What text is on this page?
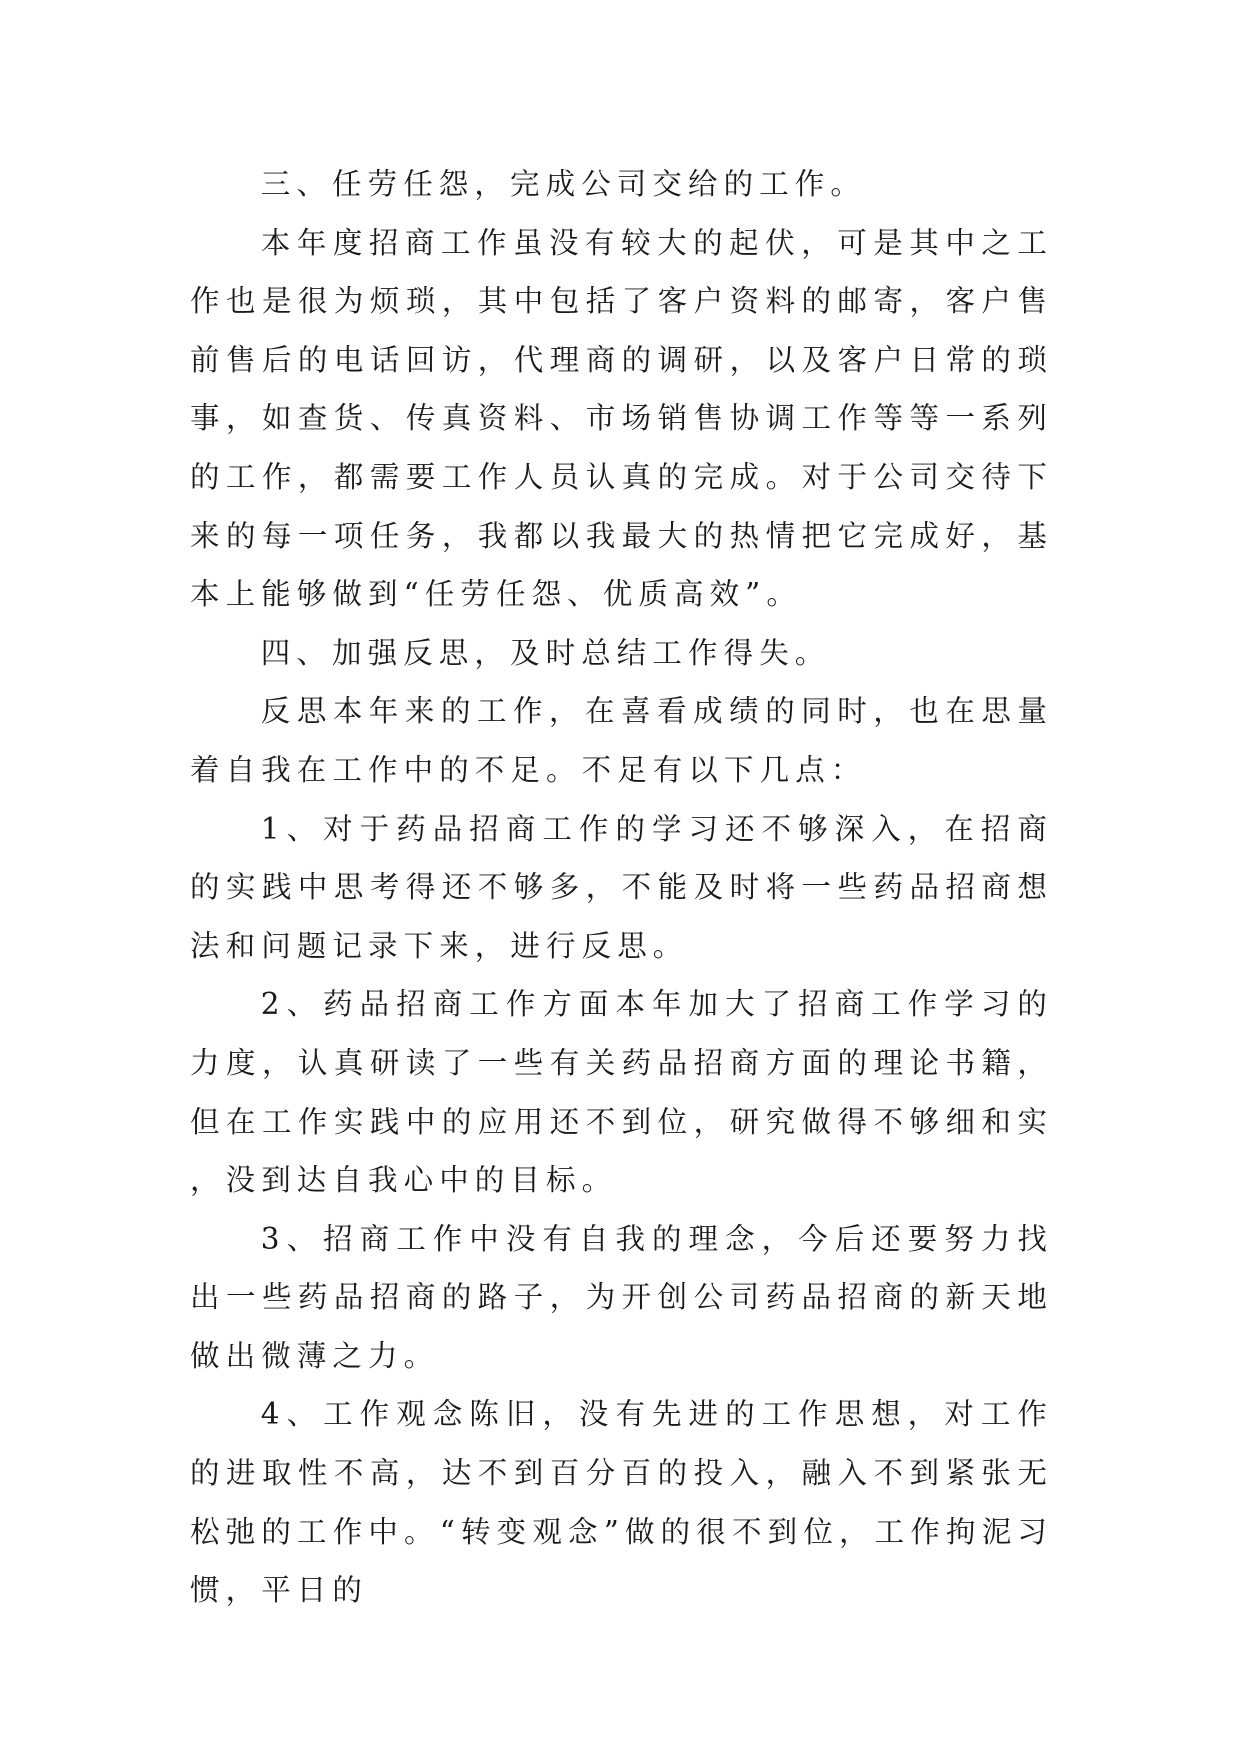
三、任劳任怨，完成公司交给的工作。

本年度招商工作虽没有较大的起伏，可是其中之工作也是很为烦琐，其中包括了客户资料的邮寄，客户售前售后的电话回访，代理商的调研，以及客户日常的琐事，如查货、传真资料、市场销售协调工作等等一系列的工作，都需要工作人员认真的完成。对于公司交待下来的每一项任务，我都以我最大的热情把它完成好，基本上能够做到“任劳任怨、优质高效”。

四、加强反思，及时总结工作得失。

反思本年来的工作，在喜看成绩的同时，也在思量着自我在工作中的不足。不足有以下几点：

1、对于药品招商工作的学习还不够深入，在招商的实践中思考得还不够多，不能及时将一些药品招商想法和问题记录下来，进行反思。

2、药品招商工作方面本年加大了招商工作学习的力度，认真研读了一些有关药品招商方面的理论书籍，但在工作实践中的应用还不到位，研究做得不够细和实，没到达自我心中的目标。

3、招商工作中没有自我的理念，今后还要努力找出一些药品招商的路子，为开创公司药品招商的新天地做出微薄之力。

4、工作观念陈旧，没有先进的工作思想，对工作的进取性不高，达不到百分百的投入，融入不到紧张无松弛的工作中。“转变观念”做的很不到位，工作拘泥习惯，平日的
